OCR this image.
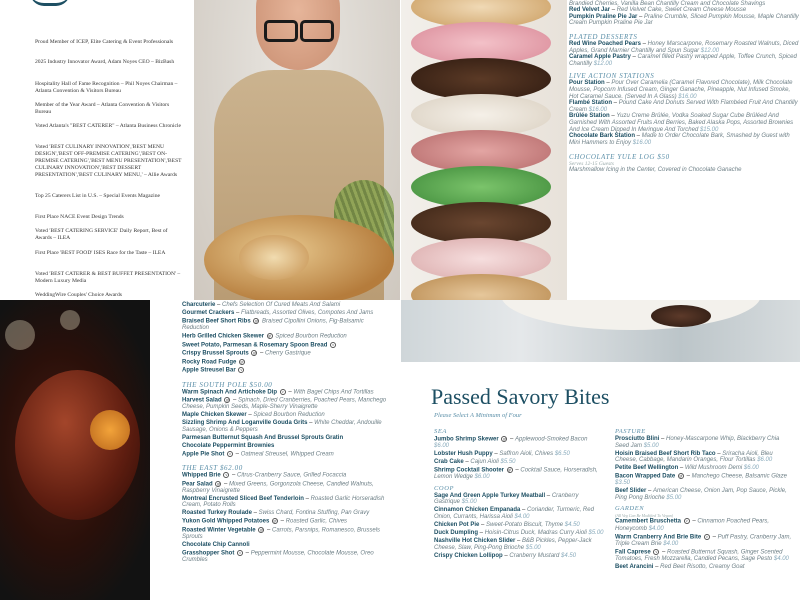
Proud Member of ICEP, Elite Catering & Event Professionals
2025 Industry Innovator Award, Adam Noyes CEO – BizBash
Hospitality Hall of Fame Recognition – Phil Noyes Chairman – Atlanta Convention & Visitors Bureau
Member of the Year Award – Atlanta Convention & Visitors Bureau
Voted Atlanta's "BEST CATERER" – Atlanta Business Chronicle
Voted 'BEST CULINARY INNOVATION','BEST MENU DESIGN','BEST OFF-PREMISE CATERING','BEST ON-PREMISE CATERING','BEST MENU PRESENTATION','BEST CULINARY INNOVATION','BEST DESSERT PRESENTATION','BEST CULINARY MENU,' – Allie Awards
Top 25 Caterers List in U.S. – Special Events Magazine
First Place NACE Event Design Trends
Voted 'BEST CATERING SERVICE' Daily Report, Best of Awards – ILEA
First Place 'BEST FOOD' ISES Race for the Taste – ILEA
Voted 'BEST CATERER & BEST BUFFET PRESENTATION' – Modern Luxury Media
WeddingWire Couples' Choice Awards
Brandied Cherries, Vanilla Bean Chantilly Cream and Chocolate Shavings
Red Velvet Jar – Red Velvet Cake, Sweet Cream Cheese Mousse
Pumpkin Praline Pie Jar – Praline Crumble, Sliced Pumpkin Mousse, Maple Chantilly Cream Pumpkin Praline Pie Jar
PLATED DESSERTS
Red Wine Poached Pears – Honey Marscarpone, Rosemary Roasted Walnuts, Diced Apples, Grand Marnier Chantilly and Spun Sugar $12.00
Caramel Apple Pastry – Caramel filled Pastry wrapped Apple, Toffee Crunch, Spiced Chantilly $12.00
LIVE ACTION STATIONS
Pour Station – Pour Over Caramelia (Caramel Flavored Chocolate), Milk Chocolate Mousse, Popcorn Infused Cream, Ginger Ganache, Pineapple, Nut Infused Smoke, Hot Caramel Sauce. (Served In A Glass) $16.00
Flambé Station – Pound Cake And Donuts Served With Flambéed Fruit And Chantilly Cream $16.00
Brûlée Station – Yuzu Creme Brûlée, Vodka Soaked Sugar Cube Brûléed And Garnished With Assorted Fruits And Berries, Baked Alaska Pops, Assorted Brownies And Ice Cream Dipped In Meringue And Torched $15.00
Chocolate Bark Station – Made to Order Chocolate Bark, Smashed by Guest with Mini Hammers to Enjoy $16.00
CHOCOLATE YULE LOG $50
Serves 12-15 Guests
Marshmallow Icing in the Center, Covered in Chocolate Ganache
Charcuterie – Chefs Selection Of Cured Meats And Salami
Gourmet Crackers – Flatbreads, Assorted Olives, Compotes And Jams
Braised Beef Short Ribs gf Braised Cipollini Onions, Fig-Balsamic Reduction
Herb Grilled Chicken Skewer gf Spiced Bourbon Reduction
Sweet Potato, Parmesan & Rosemary Spoon Bread v
Crispy Brussel Sprouts gf – Cherry Gastrique
Rocky Road Fudge gf
Apple Streusel Bar v
THE SOUTH POLE $50.00
Warm Spinach And Artichoke Dip v – With Bagel Chips And Tortillas
Harvest Salad gf – Spinach, Dried Cranberries, Poached Pears, Manchego Cheese, Pumpkin Seeds, Maple-Sherry Vinaigrette
Maple Chicken Skewer – Spiced Bourbon Reduction
Sizzling Shrimp And Loganville Gouda Grits – White Cheddar, Andouille Sausage, Onions & Peppers
Parmesan Butternut Squash And Brussel Sprouts Gratin
Chocolate Peppermint Brownies
Apple Pie Shot v – Oatmeal Streusel, Whipped Cream
THE EAST $62.00
Whipped Brie v – Citrus-Cranberry Sauce, Grilled Focaccia
Pear Salad gf – Mixed Greens, Gorgonzola Cheese, Candied Walnuts, Raspberry Vinaigrette
Montreal Encrusted Sliced Beef Tenderloin – Roasted Garlic Horseradish Cream, Potato Rolls
Roasted Turkey Roulade – Swiss Chard, Fontina Stuffing, Pan Gravy
Yukon Gold Whipped Potatoes gf – Roasted Garlic, Chives
Roasted Winter Vegetable gf – Carrots, Parsnips, Romanesco, Brussels Sprouts
Chocolate Chip Cannoli
Grasshopper Shot v – Peppermint Mousse, Chocolate Mousse, Oreo Crumbles
Passed Savory Bites
Please Select A Minimum of Four
SEA
Jumbo Shrimp Skewer gf – Applewood-Smoked Bacon $6.00
Lobster Hush Puppy – Saffron Aioli, Chives $6.50
Crab Cake – Cajun Aioli $5.50
Shrimp Cocktail Shooter gf – Cocktail Sauce, Horseradish, Lemon Wedge $6.00
COOP
Sage And Green Apple Turkey Meatball – Cranberry Gastrique $5.00
Cinnamon Chicken Empanada – Coriander, Turmeric, Red Onion, Currants, Harissa Aioli $4.00
Chicken Pot Pie – Sweet-Potato Biscuit, Thyme $4.50
Duck Dumpling – Hoisin-Citrus Duck, Madras Curry Aioli $5.00
Nashville Hot Chicken Slider – B&B Pickles, Pepper-Jack Cheese, Slaw, Ping-Pong Brioche $5.00
Crispy Chicken Lollipop – Cranberry Mustard $4.50
PASTURE
Prosciutto Blini – Honey-Mascarpone Whip, Blackberry Chia Seed Jam $5.00
Hoisin Braised Beef Short Rib Taco – Sriracha Aioli, Bleu Cheese, Cabbage, Mandarin Oranges, Flour Tortillas $6.00
Petite Beef Wellington – Wild Mushroom Demi $6.00
Bacon Wrapped Date gf – Manchego Cheese, Balsamic Glaze $3.50
Beef Slider – American Cheese, Onion Jam, Pop Sauce, Pickle, Ping Pong Brioche $5.00
GARDEN
(All Veg Can Be Modified To Vegan)
Camembert Bruschetta v – Cinnamon Poached Pears, Honeycomb $4.00
Warm Cranberry And Brie Bite v – Puff Pastry, Cranberry Jam, Triple Cream Brie $4.00
Fall Caprese v – Roasted Butternut Squash, Ginger Scented Tomatoes, Fresh Mozzarella, Candied Pecans, Sage Pesto $4.00
Beet Arancini – Red Beet Risotto, Creamy Goat
